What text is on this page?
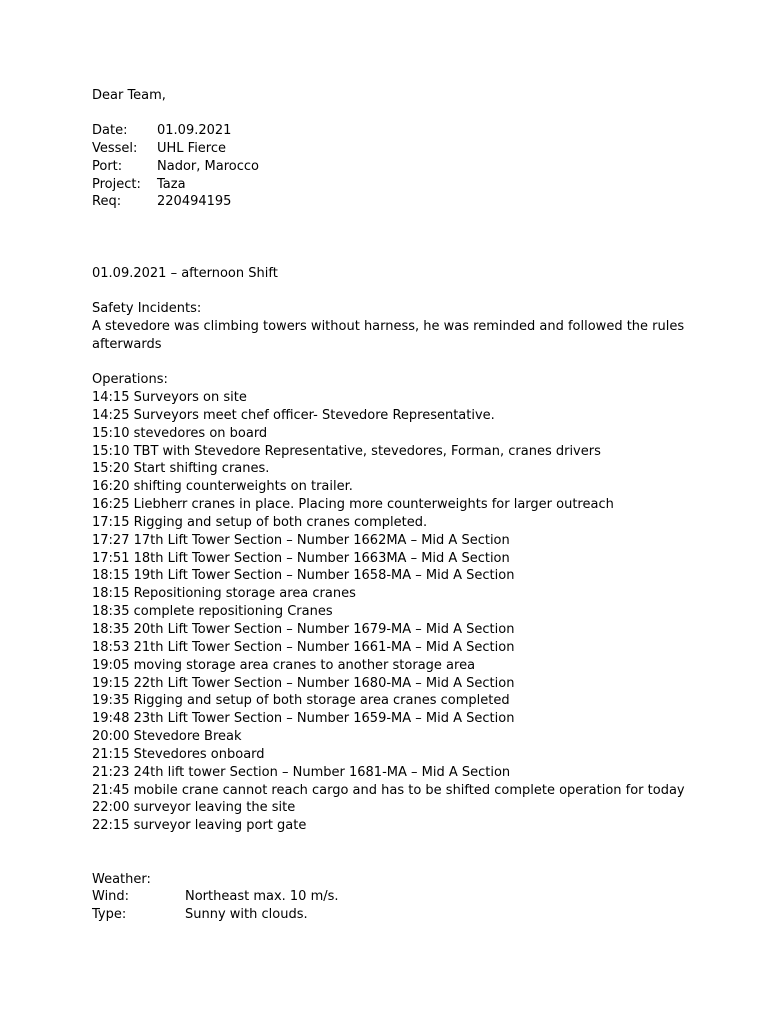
Dear Team,
Date: 01.09.2021
Vessel: UHL Fierce
Port:	Nador, Marocco
Project: Taza
Req:	220494195
01.09.2021 – afternoon Shift
Safety Incidents:
A stevedore was climbing towers without harness, he was reminded and followed the rules afterwards
Operations:
14:15 Surveyors on site
14:25 Surveyors meet chef officer- Stevedore Representative.
15:10 stevedores on board
15:10 TBT with Stevedore Representative, stevedores, Forman, cranes drivers
15:20 Start shifting cranes.
16:20 shifting counterweights on trailer.
16:25 Liebherr cranes in place. Placing more counterweights for larger outreach
17:15 Rigging and setup of both cranes completed.
17:27 17th Lift Tower Section – Number 1662MA – Mid A Section
17:51 18th Lift Tower Section – Number 1663MA – Mid A Section
18:15 19th Lift Tower Section – Number 1658-MA – Mid A Section
18:15 Repositioning storage area cranes
18:35 complete repositioning Cranes
18:35 20th Lift Tower Section – Number 1679-MA – Mid A Section
18:53 21th Lift Tower Section – Number 1661-MA – Mid A Section
19:05 moving storage area cranes to another storage area
19:15 22th Lift Tower Section – Number 1680-MA – Mid A Section
19:35 Rigging and setup of both storage area cranes completed
19:48 23th Lift Tower Section – Number 1659-MA – Mid A Section
20:00 Stevedore Break
21:15 Stevedores onboard
21:23 24th lift tower Section – Number 1681-MA – Mid A Section
21:45 mobile crane cannot reach cargo and has to be shifted complete operation for today
22:00 surveyor leaving the site
22:15 surveyor leaving port gate
Weather:
Wind:	Northeast max. 10 m/s.
Type:	Sunny with clouds.
